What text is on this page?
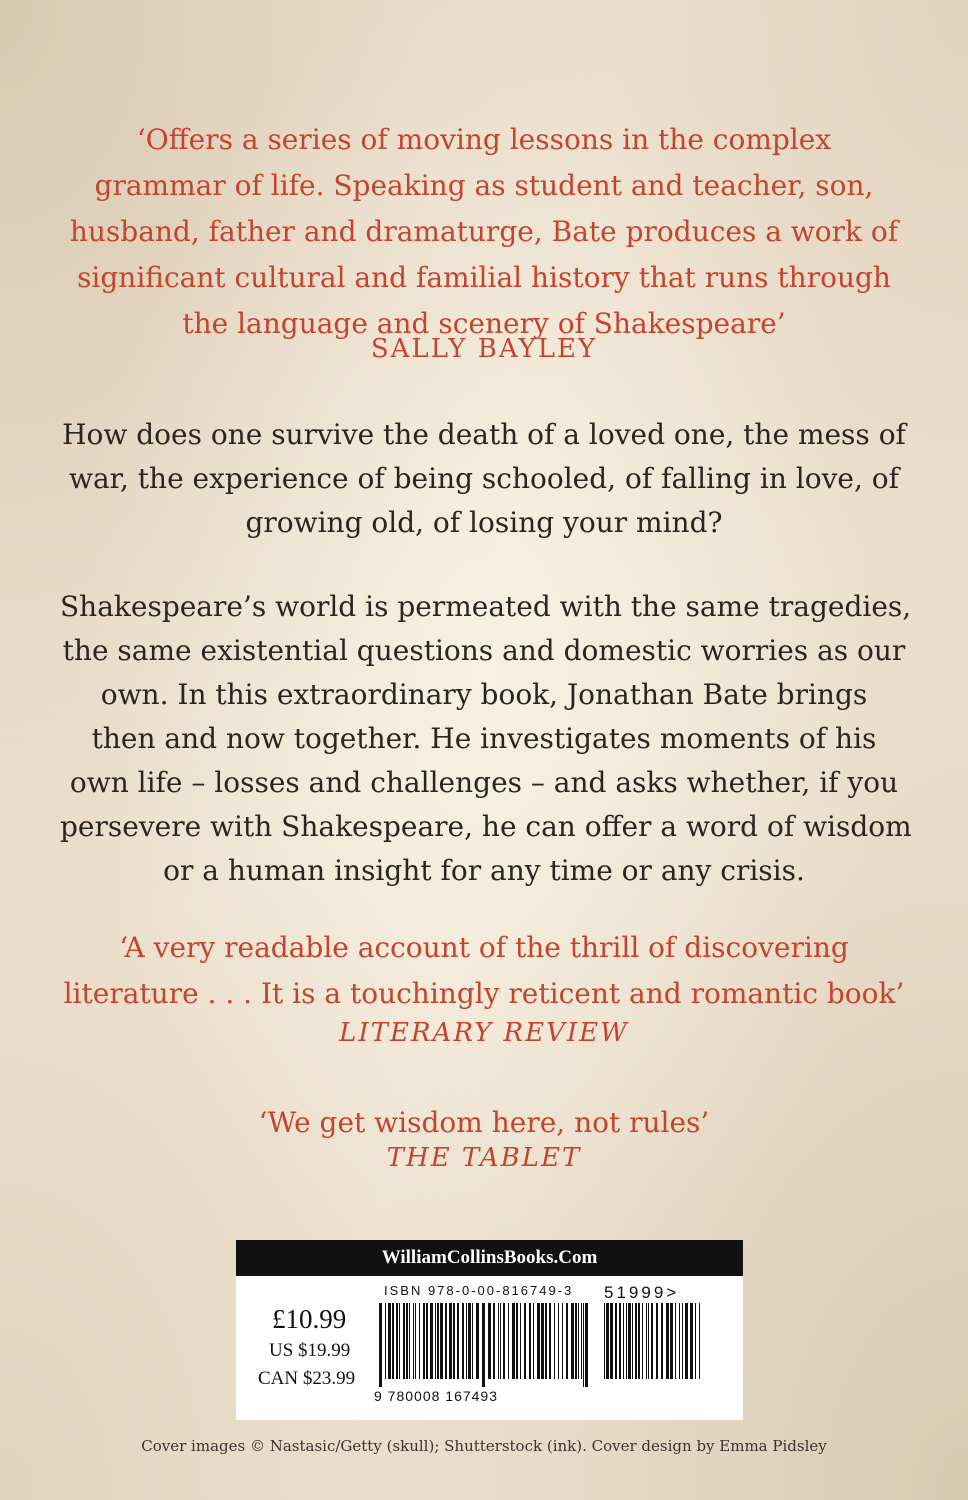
‘Offers a series of moving lessons in the complex
grammar of life. Speaking as student and teacher, son,
husband, father and dramaturge, Bate produces a work of
significant cultural and familial history that runs through
the language and scenery of Shakespeare’
SALLY BAYLEY
How does one survive the death of a loved one, the mess of
war, the experience of being schooled, of falling in love, of
growing old, of losing your mind?
Shakespeare’s world is permeated with the same tragedies,
the same existential questions and domestic worries as our
own. In this extraordinary book, Jonathan Bate brings
then and now together. He investigates moments of his
own life – losses and challenges – and asks whether, if you
persevere with Shakespeare, he can offer a word of wisdom
or a human insight for any time or any crisis.
‘A very readable account of the thrill of discovering
literature . . . It is a touchingly reticent and romantic book’
LITERARY REVIEW
‘We get wisdom here, not rules’
THE TABLET
WilliamCollinsBooks.Com
ISBN 978-0-00-816749-3
£10.99
US $19.99
CAN $23.99
9 780008 167493
51999>
Cover images © Nastasic/Getty (skull); Shutterstock (ink). Cover design by Emma Pidsley
